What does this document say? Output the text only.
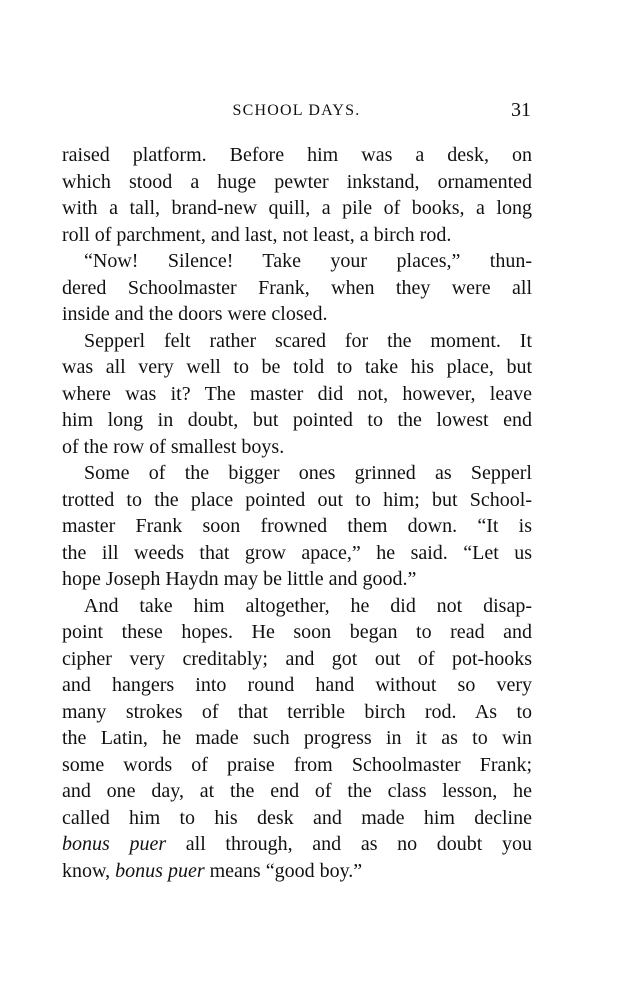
SCHOOL DAYS.	31
raised platform. Before him was a desk, on
which stood a huge pewter inkstand, ornamented
with a tall, brand-new quill, a pile of books, a long
roll of parchment, and last, not least, a birch rod.
“Now! Silence! Take your places,” thun-
dered Schoolmaster Frank, when they were all
inside and the doors were closed.
Sepperl felt rather scared for the moment. It
was all very well to be told to take his place, but
where was it? The master did not, however, leave
him long in doubt, but pointed to the lowest end
of the row of smallest boys.
Some of the bigger ones grinned as Sepperl
trotted to the place pointed out to him; but School-
master Frank soon frowned them down. “It is
the ill weeds that grow apace,” he said. “Let us
hope Joseph Haydn may be little and good.”
And take him altogether, he did not disap-
point these hopes. He soon began to read and
cipher very creditably; and got out of pot-hooks
and hangers into round hand without so very
many strokes of that terrible birch rod. As to
the Latin, he made such progress in it as to win
some words of praise from Schoolmaster Frank;
and one day, at the end of the class lesson, he
called him to his desk and made him decline
bonus puer all through, and as no doubt you
know, bonus puer means “good boy.”
